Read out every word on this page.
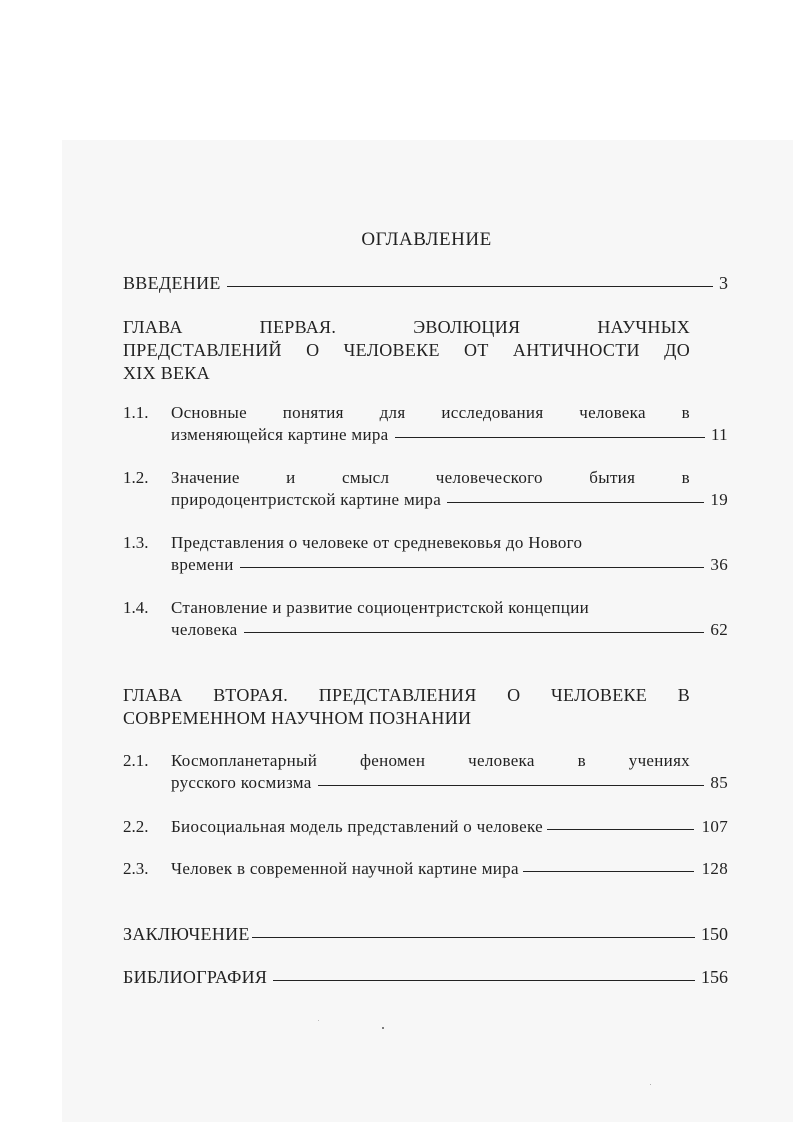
ОГЛАВЛЕНИЕ
ВВЕДЕНИЕ	3
ГЛАВА ПЕРВАЯ. ЭВОЛЮЦИЯ НАУЧНЫХ
ПРЕДСТАВЛЕНИЙ О ЧЕЛОВЕКЕ ОТ АНТИЧНОСТИ ДО
XIX ВЕКА
1.1. Основные понятия для исследования человека в
изменяющейся картине мира	11
1.2. Значение и смысл человеческого бытия в
природоцентристской картине мира	19
1.3. Представления о человеке от средневековья до Нового
времени	36
1.4. Становление и развитие социоцентристской концепции
человека	62
ГЛАВА ВТОРАЯ. ПРЕДСТАВЛЕНИЯ О ЧЕЛОВЕКЕ В
СОВРЕМЕННОМ НАУЧНОМ ПОЗНАНИИ
2.1. Космопланетарный феномен человека в учениях
русского космизма	85
2.2. Биосоциальная модель представлений о человеке	107
2.3. Человек в современной научной картине мира	128
ЗАКЛЮЧЕНИЕ	150
БИБЛИОГРАФИЯ	156
